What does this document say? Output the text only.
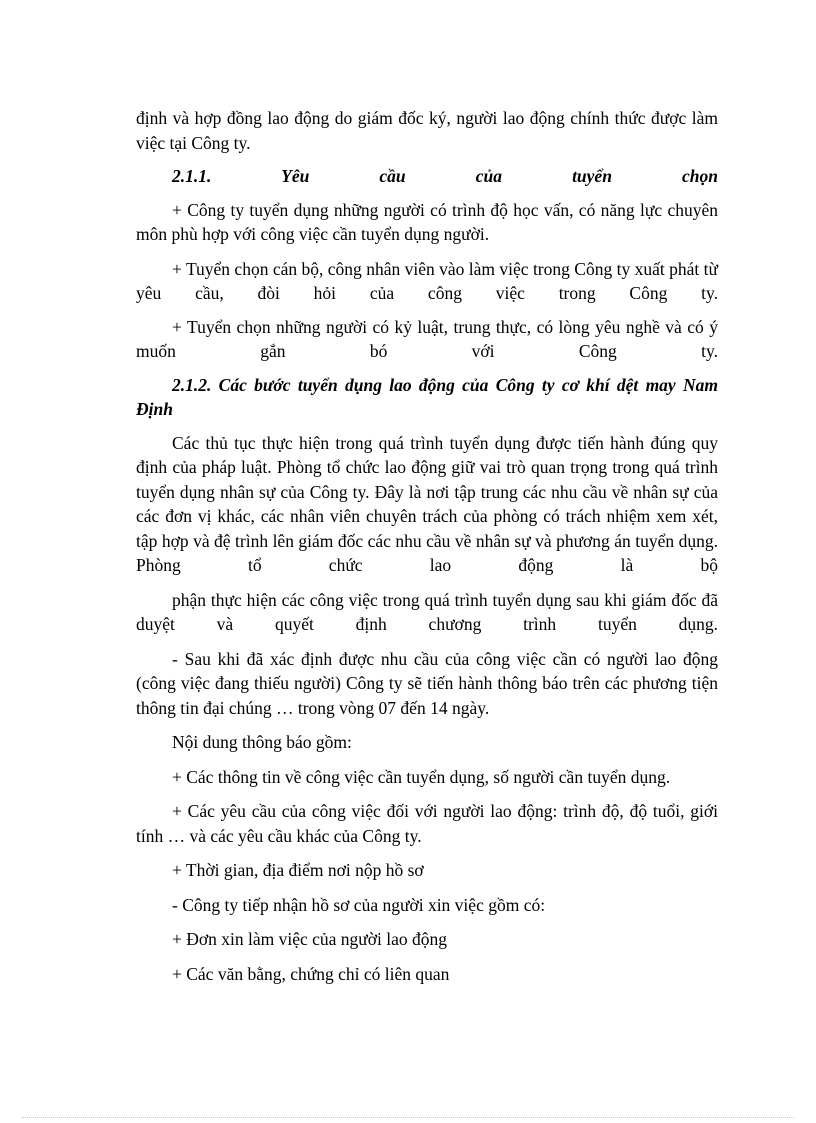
định và hợp đồng lao động do giám đốc ký, người lao động chính thức được làm việc tại Công ty.

2.1.1. Yêu cầu của tuyển chọn

+ Công ty tuyển dụng những người có trình độ học vấn, có năng lực chuyên môn phù hợp với công việc cần tuyển dụng người.

+ Tuyển chọn cán bộ, công nhân viên vào làm việc trong Công ty xuất phát từ yêu cầu, đòi hỏi của công việc trong Công ty.

+ Tuyển chọn những người có kỷ luật, trung thực, có lòng yêu nghề và có ý muốn gắn bó với Công ty.

2.1.2. Các bước tuyển dụng lao động của Công ty cơ khí dệt may Nam Định

Các thủ tục thực hiện trong quá trình tuyển dụng được tiến hành đúng quy định của pháp luật. Phòng tổ chức lao động giữ vai trò quan trọng trong quá trình tuyển dụng nhân sự của Công ty. Đây là nơi tập trung các nhu cầu về nhân sự của các đơn vị khác, các nhân viên chuyên trách của phòng có trách nhiệm xem xét, tập hợp và đệ trình lên giám đốc các nhu cầu về nhân sự và phương án tuyển dụng. Phòng tổ chức lao động là bộ

phận thực hiện các công việc trong quá trình tuyển dụng sau khi giám đốc đã duyệt và quyết định chương trình tuyển dụng.

- Sau khi đã xác định được nhu cầu của công việc cần có người lao động (công việc đang thiếu người) Công ty sẽ tiến hành thông báo trên các phương tiện thông tin đại chúng … trong vòng 07 đến 14 ngày.

Nội dung thông báo gồm:

+ Các thông tin về công việc cần tuyển dụng, số người cần tuyển dụng.

+ Các yêu cầu của công việc đối với người lao động: trình độ, độ tuổi, giới tính … và các yêu cầu khác của Công ty.

+ Thời gian, địa điểm nơi nộp hồ sơ

- Công ty tiếp nhận hồ sơ của người xin việc gồm có:

+ Đơn xin làm việc của người lao động

+ Các văn bằng, chứng chỉ có liên quan
